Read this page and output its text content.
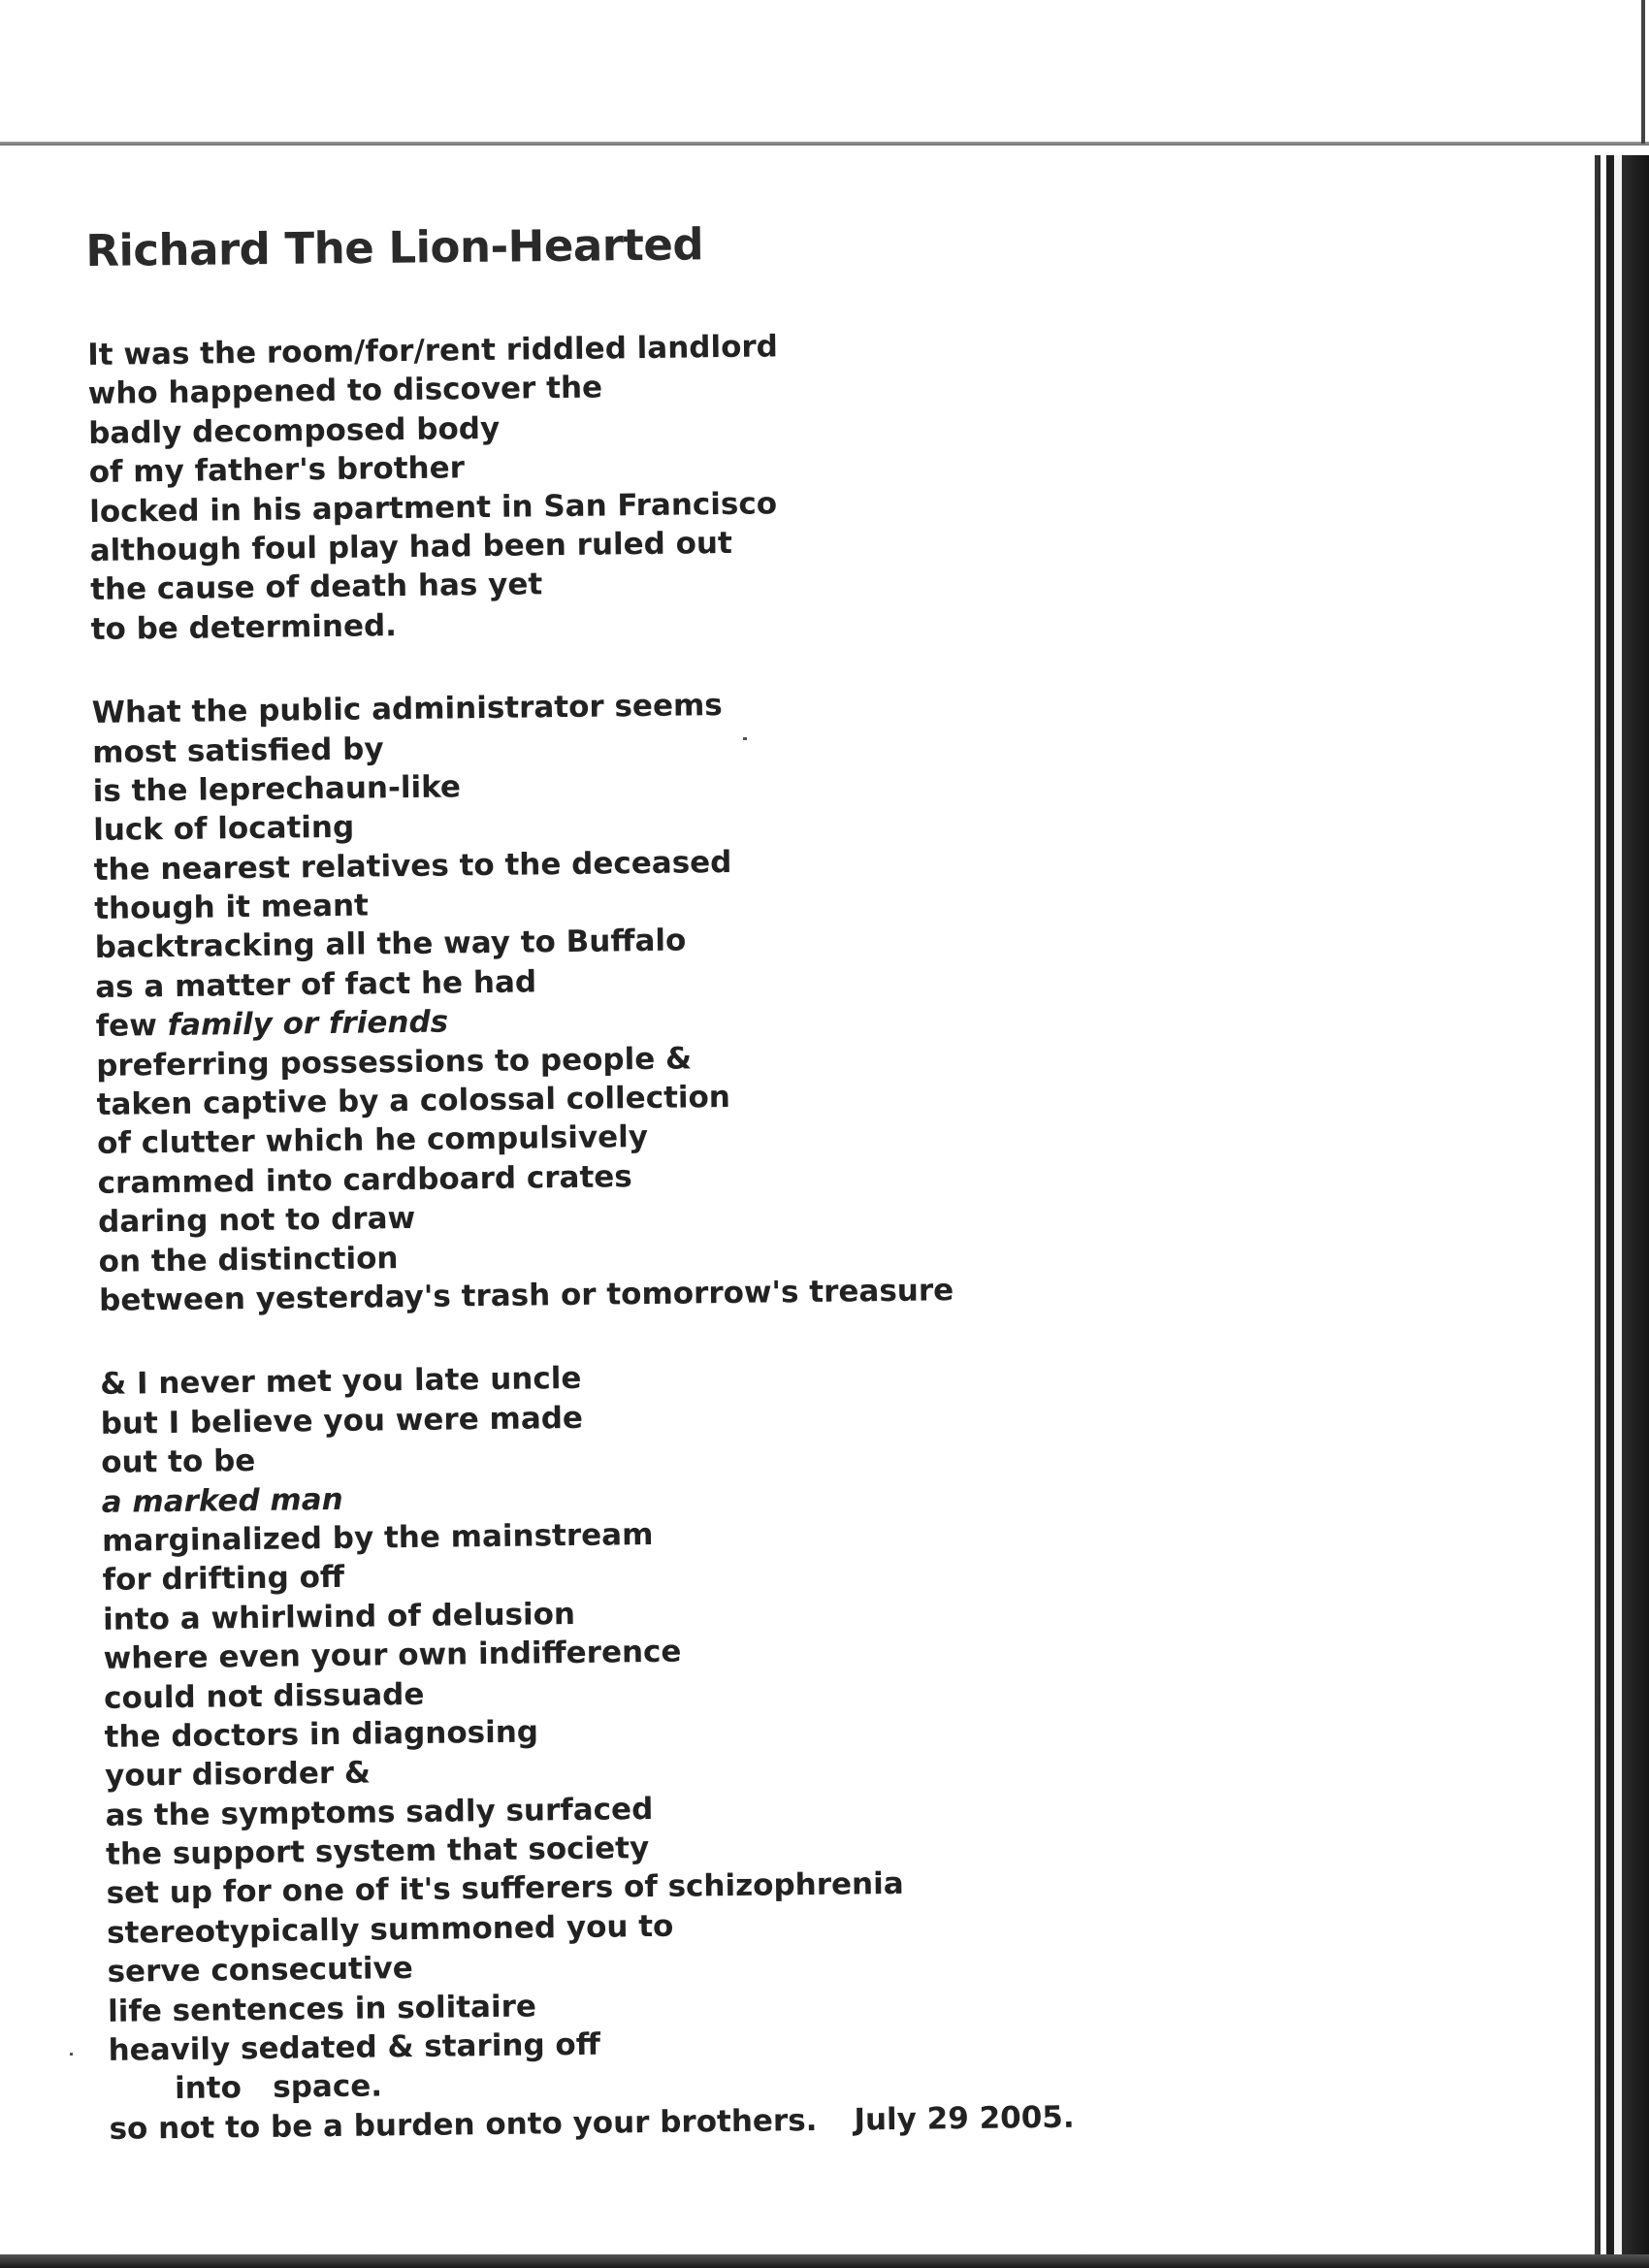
Richard The Lion-Hearted
It was the room/for/rent riddled landlord
who happened to discover the
badly decomposed body
of my father's brother
locked in his apartment in San Francisco
although foul play had been ruled out
the cause of death has yet
to be determined.
What the public administrator seems
most satisfied by
is the leprechaun-like
luck of locating
the nearest relatives to the deceased
though it meant
backtracking all the way to Buffalo
as a matter of fact he had
few family or friends
preferring possessions to people &
taken captive by a colossal collection
of clutter which he compulsively
crammed into cardboard crates
daring not to draw
on the distinction
between yesterday's trash or tomorrow's treasure
& I never met you late uncle
but I believe you were made
out to be
a marked man
marginalized by the mainstream
for drifting off
into a whirlwind of delusion
where even your own indifference
could not dissuade
the doctors in diagnosing
your disorder &
as the symptoms sadly surfaced
the support system that society
set up for one of it's sufferers of schizophrenia
stereotypically summoned you to
serve consecutive
life sentences in solitaire
heavily sedated & staring off
into   space.
so not to be a burden onto your brothers. July 29 2005.
